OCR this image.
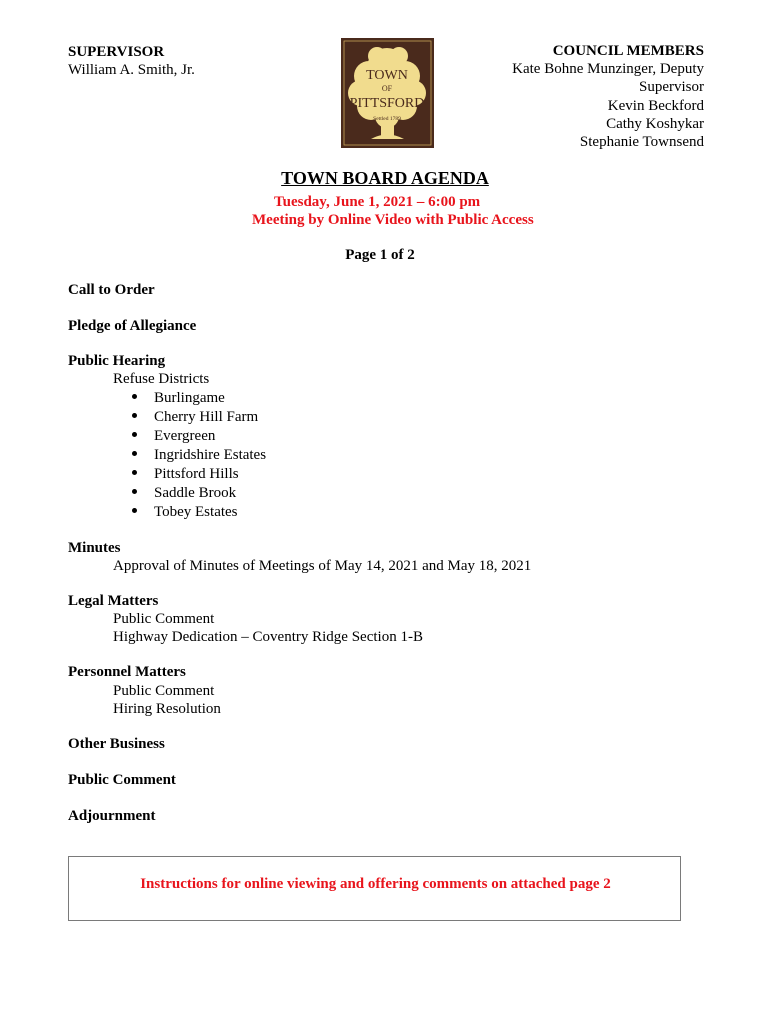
SUPERVISOR
William A. Smith, Jr.	TOWN
OF
PITTSFORD
Settled 1789
COUNCIL MEMBERS
Kate Bohne Munzinger, Deputy
Supervisor
Kevin Beckford
Cathy Koshykar
Stephanie Townsend
TOWN BOARD AGENDA
Tuesday, June 1, 2021 – 6:00 pm
Meeting by Online Video with Public Access
Page 1 of 2
Call to Order
Pledge of Allegiance
Public Hearing
Refuse Districts
Burlingame
Cherry Hill Farm
Evergreen
Ingridshire Estates
Pittsford Hills
Saddle Brook
Tobey Estates
Minutes
Approval of Minutes of Meetings of May 14, 2021 and May 18, 2021
Legal Matters
Public Comment
Highway Dedication – Coventry Ridge Section 1-B
Personnel Matters
Public Comment
Hiring Resolution
Other Business
Public Comment
Adjournment
Instructions for online viewing and offering comments on attached page 2
